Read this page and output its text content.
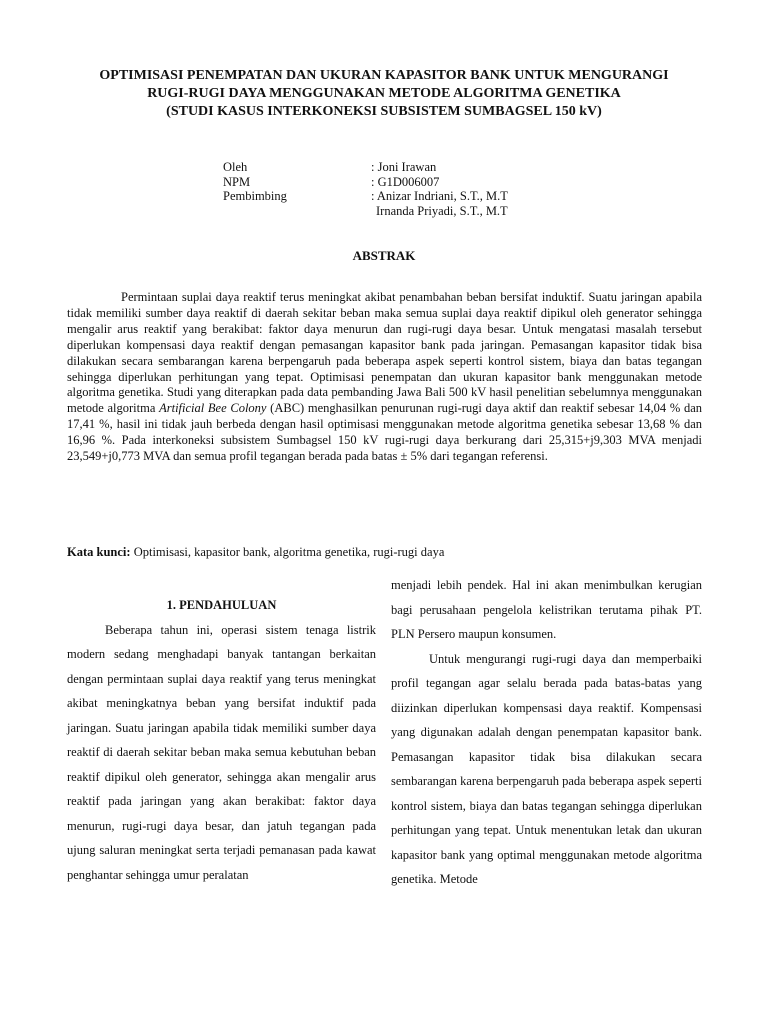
OPTIMISASI PENEMPATAN DAN UKURAN KAPASITOR BANK UNTUK MENGURANGI
RUGI-RUGI DAYA MENGGUNAKAN METODE ALGORITMA GENETIKA
(STUDI KASUS INTERKONEKSI SUBSISTEM SUMBAGSEL 150 kV)
Oleh
NPM
Pembimbing
: Joni Irawan
: G1D006007
: Anizar Indriani, S.T., M.T
Irnanda Priyadi, S.T., M.T
ABSTRAK

Permintaan suplai daya reaktif terus meningkat akibat penambahan beban bersifat induktif. Suatu jaringan apabila tidak memiliki sumber daya reaktif di daerah sekitar beban maka semua suplai daya reaktif dipikul oleh generator sehingga mengalir arus reaktif yang berakibat: faktor daya menurun dan rugi-rugi daya besar. Untuk mengatasi masalah tersebut diperlukan kompensasi daya reaktif dengan pemasangan kapasitor bank pada jaringan. Pemasangan kapasitor tidak bisa dilakukan secara sembarangan karena berpengaruh pada beberapa aspek seperti kontrol sistem, biaya dan batas tegangan sehingga diperlukan perhitungan yang tepat. Optimisasi penempatan dan ukuran kapasitor bank menggunakan metode algoritma genetika. Studi yang diterapkan pada data pembanding Jawa Bali 500 kV hasil penelitian sebelumnya menggunakan metode algoritma Artificial Bee Colony (ABC) menghasilkan penurunan rugi-rugi daya aktif dan reaktif sebesar 14,04 % dan 17,41 %, hasil ini tidak jauh berbeda dengan hasil optimisasi menggunakan metode algoritma genetika sebesar 13,68 % dan 16,96 %. Pada interkoneksi subsistem Sumbagsel 150 kV rugi-rugi daya berkurang dari 25,315+j9,303 MVA menjadi 23,549+j0,773 MVA dan semua profil tegangan berada pada batas ± 5% dari tegangan referensi.

Kata kunci: Optimisasi, kapasitor bank, algoritma genetika, rugi-rugi daya
1. PENDAHULUAN

Beberapa tahun ini, operasi sistem tenaga listrik modern sedang menghadapi banyak tantangan berkaitan dengan permintaan suplai daya reaktif yang terus meningkat akibat meningkatnya beban yang bersifat induktif pada jaringan. Suatu jaringan apabila tidak memiliki sumber daya reaktif di daerah sekitar beban maka semua kebutuhan beban reaktif dipikul oleh generator, sehingga akan mengalir arus reaktif pada jaringan yang akan berakibat: faktor daya menurun, rugi-rugi daya besar, dan jatuh tegangan pada ujung saluran meningkat serta terjadi pemanasan pada kawat penghantar sehingga umur peralatan

menjadi lebih pendek. Hal ini akan menimbulkan kerugian bagi perusahaan pengelola kelistrikan terutama pihak PT. PLN Persero maupun konsumen.

Untuk mengurangi rugi-rugi daya dan memperbaiki profil tegangan agar selalu berada pada batas-batas yang diizinkan diperlukan kompensasi daya reaktif. Kompensasi yang digunakan adalah dengan penempatan kapasitor bank. Pemasangan kapasitor tidak bisa dilakukan secara sembarangan karena berpengaruh pada beberapa aspek seperti kontrol sistem, biaya dan batas tegangan sehingga diperlukan perhitungan yang tepat. Untuk menentukan letak dan ukuran kapasitor bank yang optimal menggunakan metode algoritma genetika. Metode
